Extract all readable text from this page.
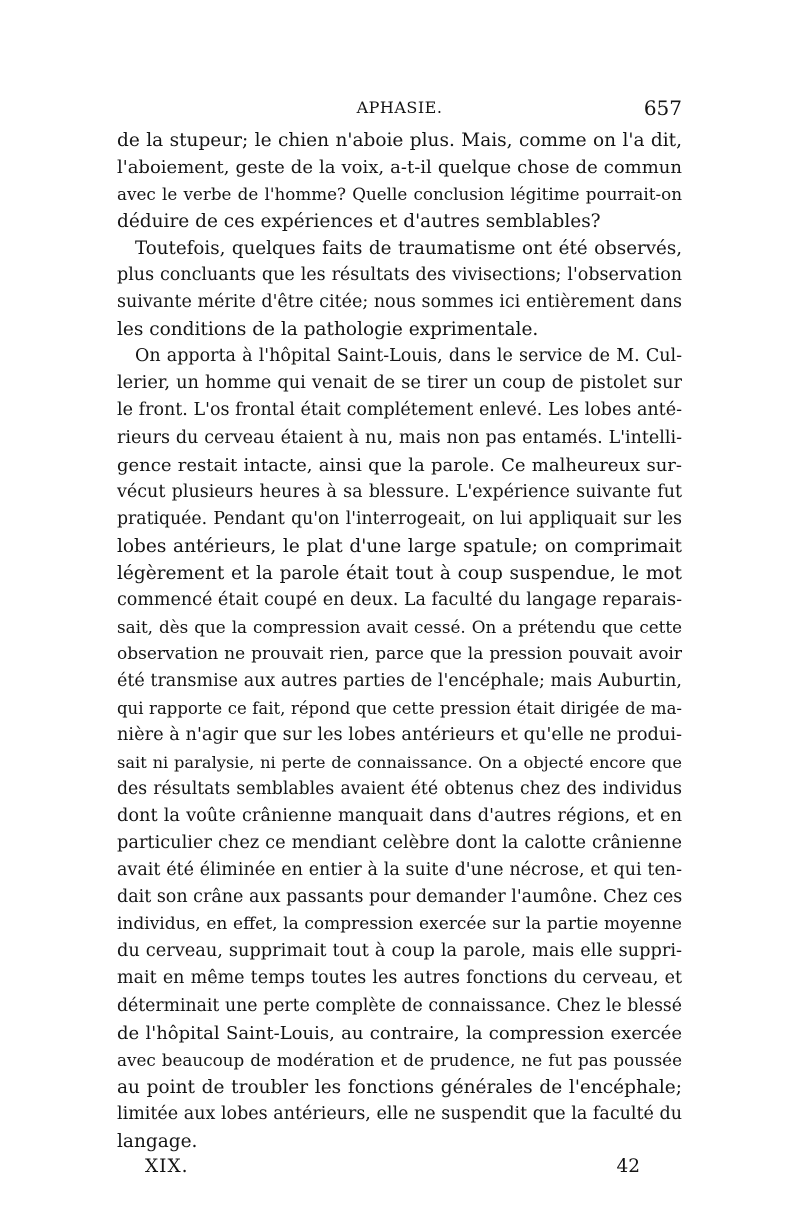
APHASIE.	657
de la stupeur; le chien n'aboie plus. Mais, comme on l'a dit,
l'aboiement, geste de la voix, a-t-il quelque chose de commun
avec le verbe de l'homme? Quelle conclusion légitime pourrait-on
déduire de ces expériences et d'autres semblables?
Toutefois, quelques faits de traumatisme ont été observés,
plus concluants que les résultats des vivisections; l'observation
suivante mérite d'être citée; nous sommes ici entièrement dans
les conditions de la pathologie exprimentale.
On apporta à l'hôpital Saint-Louis, dans le service de M. Cul-
lerier, un homme qui venait de se tirer un coup de pistolet sur
le front. L'os frontal était complétement enlevé. Les lobes anté-
rieurs du cerveau étaient à nu, mais non pas entamés. L'intelli-
gence restait intacte, ainsi que la parole. Ce malheureux sur-
vécut plusieurs heures à sa blessure. L'expérience suivante fut
pratiquée. Pendant qu'on l'interrogeait, on lui appliquait sur les
lobes antérieurs, le plat d'une large spatule; on comprimait
légèrement et la parole était tout à coup suspendue, le mot
commencé était coupé en deux. La faculté du langage reparais-
sait, dès que la compression avait cessé. On a prétendu que cette
observation ne prouvait rien, parce que la pression pouvait avoir
été transmise aux autres parties de l'encéphale; mais Auburtin,
qui rapporte ce fait, répond que cette pression était dirigée de ma-
nière à n'agir que sur les lobes antérieurs et qu'elle ne produi-
sait ni paralysie, ni perte de connaissance. On a objecté encore que
des résultats semblables avaient été obtenus chez des individus
dont la voûte crânienne manquait dans d'autres régions, et en
particulier chez ce mendiant celèbre dont la calotte crânienne
avait été éliminée en entier à la suite d'une nécrose, et qui ten-
dait son crâne aux passants pour demander l'aumône. Chez ces
individus, en effet, la compression exercée sur la partie moyenne
du cerveau, supprimait tout à coup la parole, mais elle suppri-
mait en même temps toutes les autres fonctions du cerveau, et
déterminait une perte complète de connaissance. Chez le blessé
de l'hôpital Saint-Louis, au contraire, la compression exercée
avec beaucoup de modération et de prudence, ne fut pas poussée
au point de troubler les fonctions générales de l'encéphale;
limitée aux lobes antérieurs, elle ne suspendit que la faculté du
langage.
XIX.	42
